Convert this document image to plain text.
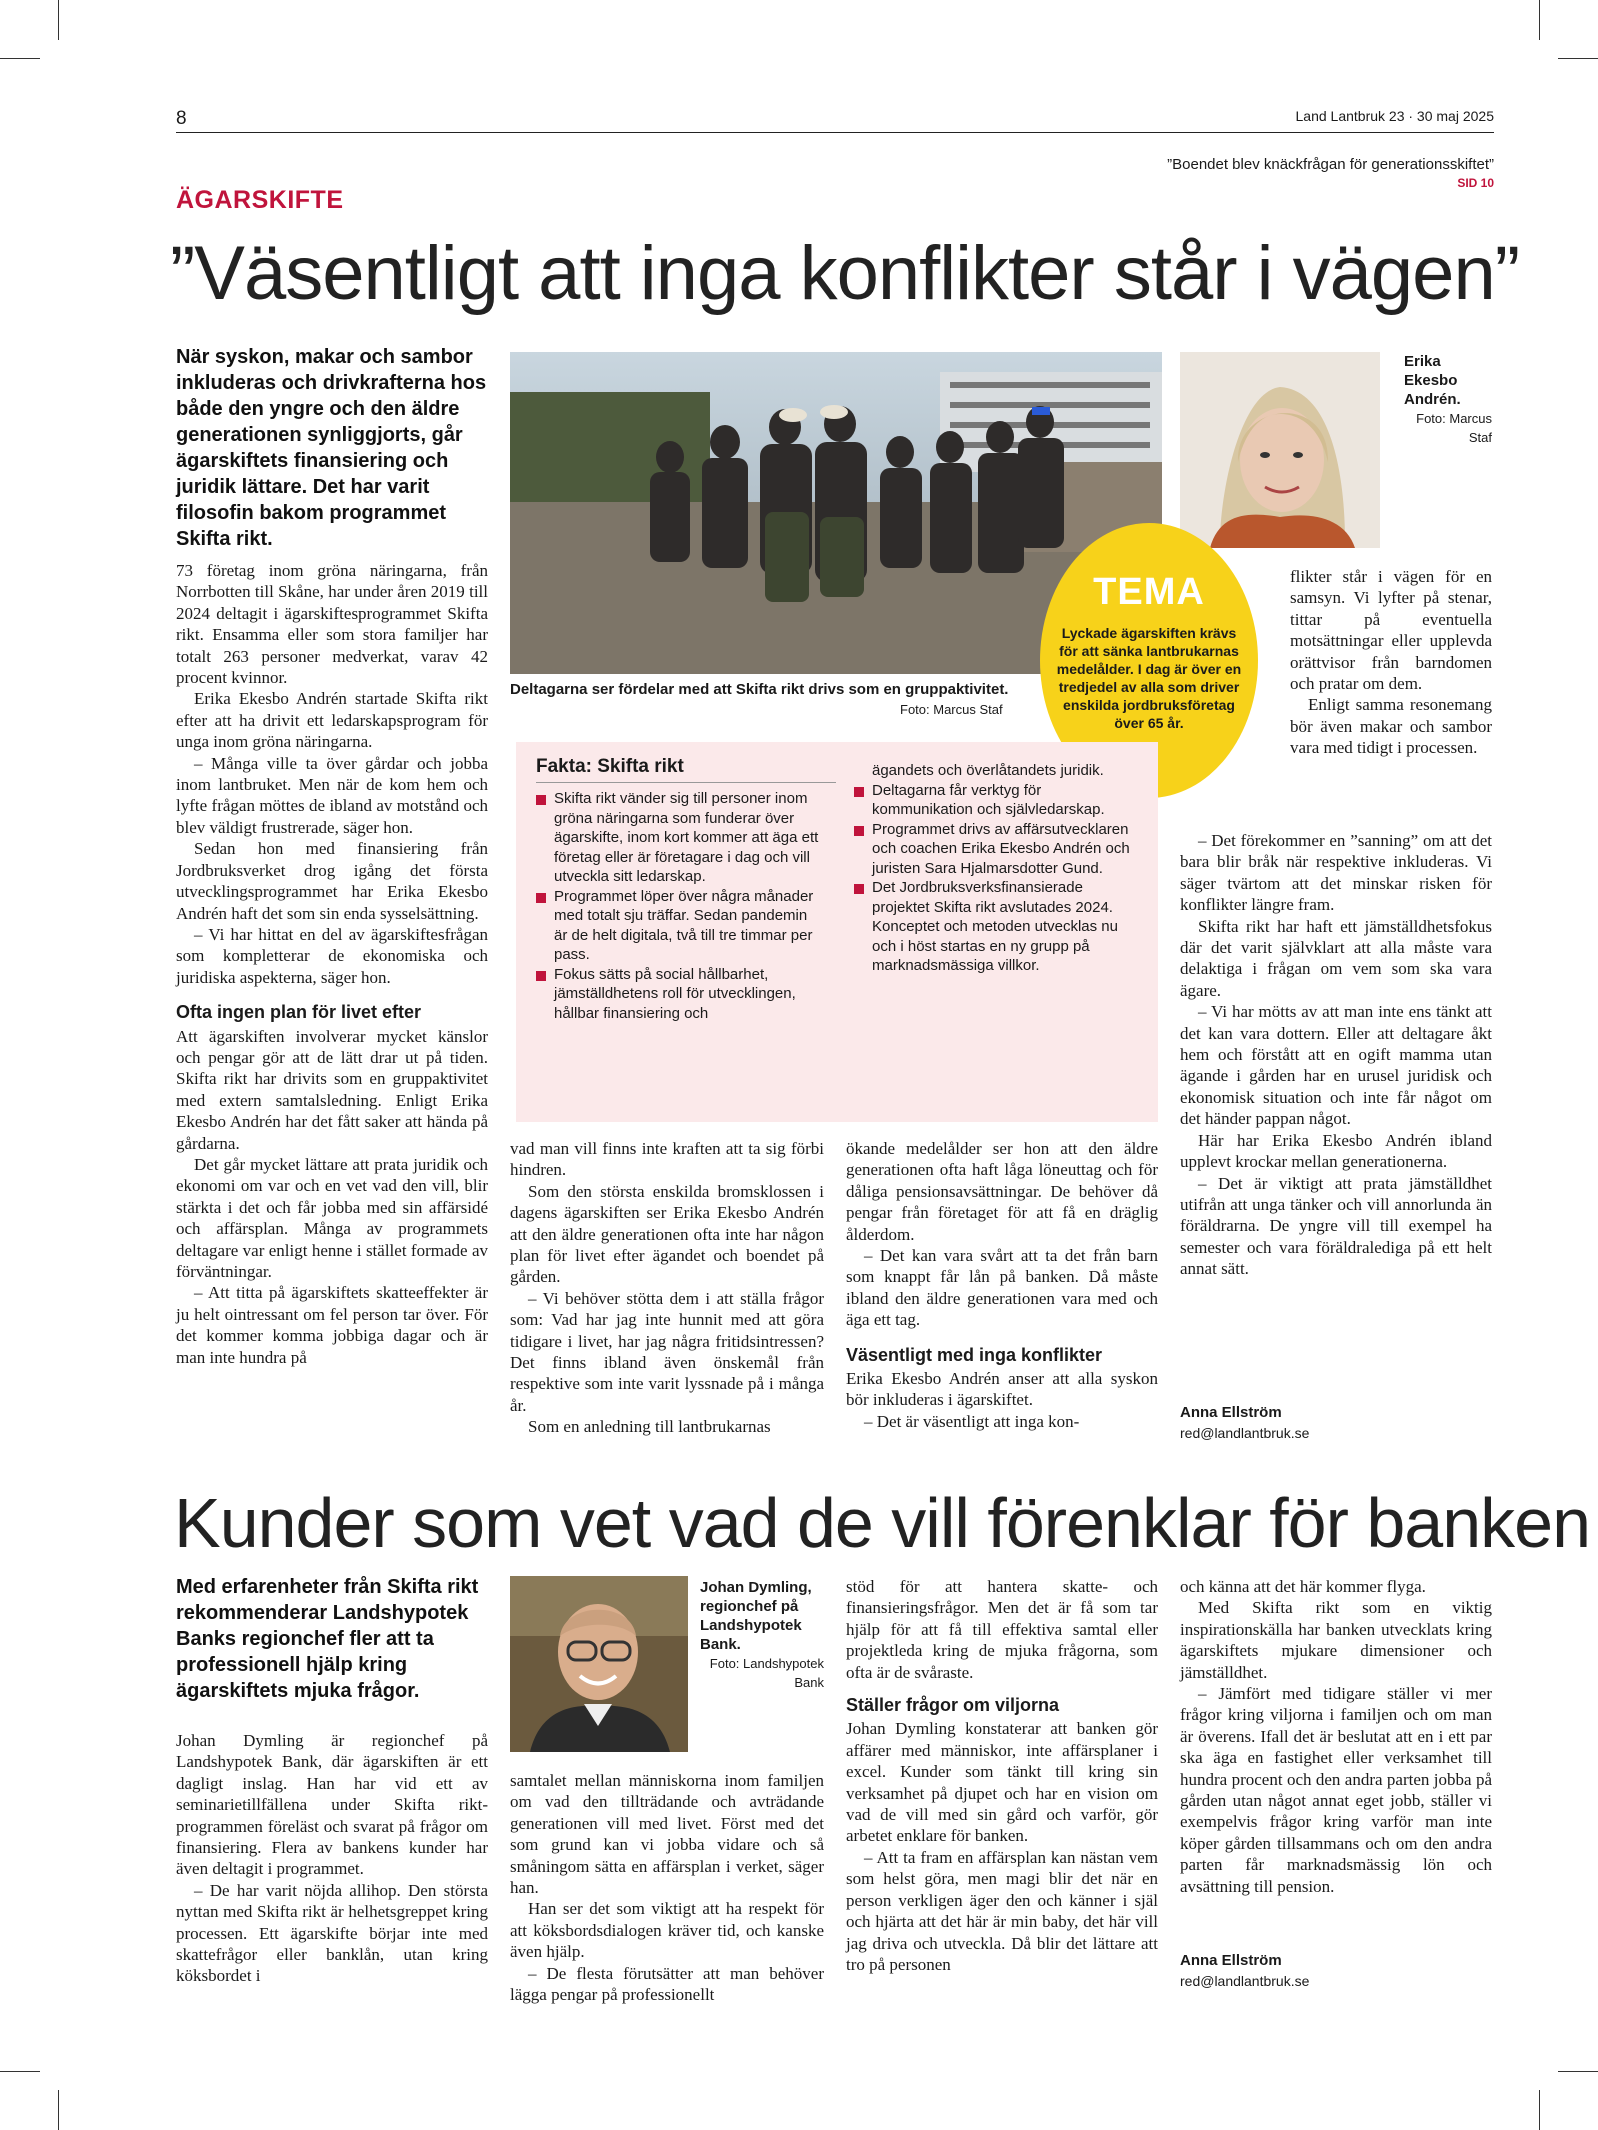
8	Land Lantbruk 23 · 30 maj 2025
”Boendet blev knäckfrågan för generationsskiftet”
SID 10
ÄGARSKIFTE
”Väsentligt att inga konflikter står i vägen”
När syskon, makar och sambor inkluderas och drivkrafterna hos både den yngre och den äldre generationen synliggjorts, går ägarskiftets finansiering och juridik lättare. Det har varit filosofin bakom programmet Skifta rikt.

73 företag inom gröna näringarna, från Norrbotten till Skåne, har under åren 2019 till 2024 deltagit i ägarskiftesprogrammet Skifta rikt. Ensamma eller som stora familjer har totalt 263 personer medverkat, varav 42 procent kvinnor.

Erika Ekesbo Andrén startade Skifta rikt efter att ha drivit ett ledarskapsprogram för unga inom gröna näringarna.

– Många ville ta över gårdar och jobba inom lantbruket. Men när de kom hem och lyfte frågan möttes de ibland av motstånd och blev väldigt frustrerade, säger hon.

Sedan hon med finansiering från Jordbruksverket drog igång det första utvecklingsprogrammet har Erika Ekesbo Andrén haft det som sin enda sysselsättning.

– Vi har hittat en del av ägarskiftesfrågan som kompletterar de ekonomiska och juridiska aspekterna, säger hon.

Ofta ingen plan för livet efter

Att ägarskiften involverar mycket känslor och pengar gör att de lätt drar ut på tiden. Skifta rikt har drivits som en gruppaktivitet med extern samtalsledning. Enligt Erika Ekesbo Andrén har det fått saker att hända på gårdarna.

Det går mycket lättare att prata juridik och ekonomi om var och en vet vad den vill, blir stärkta i det och får jobba med sin affärsidé och affärsplan. Många av programmets deltagare var enligt henne i stället formade av förväntningar.

– Att titta på ägarskiftets skatteeffekter är ju helt ointressant om fel person tar över. För det kommer komma jobbiga dagar och är man inte hundra på

Deltagarna ser fördelar med att Skifta rikt drivs som en gruppaktivitet.
Foto: Marcus Staf
Erika Ekesbo Andrén.
Foto: Marcus Staf
TEMA
Lyckade ägarskiften krävs för att sänka lantbrukarnas medelålder. I dag är över en tredjedel av alla som driver enskilda jordbruksföretag över 65 år.
Fakta: Skifta rikt
Skifta rikt vänder sig till personer inom gröna näringarna som funderar över ägarskifte, inom kort kommer att äga ett företag eller är företagare i dag och vill utveckla sitt ledarskap.
Programmet löper över några månader med totalt sju träffar. Sedan pandemin är de helt digitala, två till tre timmar per pass.
Fokus sätts på social hållbarhet, jämställdhetens roll för utvecklingen, hållbar finansiering och
ägandets och överlåtandets juridik.
Deltagarna får verktyg för kommunikation och självledarskap.
Programmet drivs av affärsutvecklaren och coachen Erika Ekesbo Andrén och juristen Sara Hjalmarsdotter Gund.
Det Jordbruksverksfinansierade projektet Skifta rikt avslutades 2024. Konceptet och metoden utvecklas nu och i höst startas en ny grupp på marknadsmässiga villkor.

flikter står i vägen för en samsyn. Vi lyfter på stenar, tittar på eventuella motsättningar eller upplevda orättvisor från barndomen och pratar om dem.

Enligt samma resonemang bör även makar och sambor vara med tidigt i processen.

vad man vill finns inte kraften att ta sig förbi hindren.

Som den största enskilda bromsklossen i dagens ägarskiften ser Erika Ekesbo Andrén att den äldre generationen ofta inte har någon plan för livet efter ägandet och boendet på gården.

– Vi behöver stötta dem i att ställa frågor som: Vad har jag inte hunnit med att göra tidigare i livet, har jag några fritidsintressen? Det finns ibland även önskemål från respektive som inte varit lyssnade på i många år.

Som en anledning till lantbrukarnas

ökande medelålder ser hon att den äldre generationen ofta haft låga löneuttag och för dåliga pensionsavsättningar. De behöver då pengar från företaget för att få en dräglig ålderdom.

– Det kan vara svårt att ta det från barn som knappt får lån på banken. Då måste ibland den äldre generationen vara med och äga ett tag.

Väsentligt med inga konflikter

Erika Ekesbo Andrén anser att alla syskon bör inkluderas i ägarskiftet.

– Det är väsentligt att inga kon-

– Det förekommer en ”sanning” om att det bara blir bråk när respektive inkluderas. Vi säger tvärtom att det minskar risken för konflikter längre fram.

Skifta rikt har haft ett jämställdhetsfokus där det varit självklart att alla måste vara delaktiga i frågan om vem som ska vara ägare.

– Vi har mötts av att man inte ens tänkt att det kan vara dottern. Eller att deltagare åkt hem och förstått att en ogift mamma utan ägande i gården har en urusel juridisk och ekonomisk situation och inte får något om det händer pappan något.

Här har Erika Ekesbo Andrén ibland upplevt krockar mellan generationerna.

– Det är viktigt att prata jämställdhet utifrån att unga tänker och vill annorlunda än föräldrarna. De yngre vill till exempel ha semester och vara föräldralediga på ett helt annat sätt.

Anna Ellström
red@landlantbruk.se
Kunder som vet vad de vill förenklar för banken
Med erfarenheter från Skifta rikt rekommenderar Landshypotek Banks regionchef fler att ta professionell hjälp kring ägarskiftets mjuka frågor.

Johan Dymling är regionchef på Landshypotek Bank, där ägarskiften är ett dagligt inslag. Han har vid ett av seminarietillfällena under Skifta rikt-programmen föreläst och svarat på frågor om finansiering. Flera av bankens kunder har även deltagit i programmet.

– De har varit nöjda allihop. Den största nyttan med Skifta rikt är helhetsgreppet kring processen. Ett ägarskifte börjar inte med skattefrågor eller banklån, utan kring köksbordet i

Johan Dymling, regionchef på Landshypotek Bank.
Foto: Landshypotek Bank

samtalet mellan människorna inom familjen om vad den tillträdande och avträdande generationen vill med livet. Först med det som grund kan vi jobba vidare och så småningom sätta en affärsplan i verket, säger han.

Han ser det som viktigt att ha respekt för att köksbordsdialogen kräver tid, och kanske även hjälp.

– De flesta förutsätter att man behöver lägga pengar på professionellt

stöd för att hantera skatte- och finansieringsfrågor. Men det är få som tar hjälp för att få till effektiva samtal eller projektleda kring de mjuka frågorna, som ofta är de svåraste.

Ställer frågor om viljorna

Johan Dymling konstaterar att banken gör affärer med människor, inte affärsplaner i excel. Kunder som tänkt till kring sin verksamhet på djupet och har en vision om vad de vill med sin gård och varför, gör arbetet enklare för banken.

– Att ta fram en affärsplan kan nästan vem som helst göra, men magi blir det när en person verkligen äger den och känner i själ och hjärta att det här är min baby, det här vill jag driva och utveckla. Då blir det lättare att tro på personen

och känna att det här kommer flyga.

Med Skifta rikt som en viktig inspirationskälla har banken utvecklats kring ägarskiftets mjukare dimensioner och jämställdhet.

– Jämfört med tidigare ställer vi mer frågor kring viljorna i familjen och om man är överens. Ifall det är beslutat att en i ett par ska äga en fastighet eller verksamhet till hundra procent och den andra parten jobba på gården utan något annat eget jobb, ställer vi exempelvis frågor kring varför man inte köper gården tillsammans och om den andra parten får marknadsmässig lön och avsättning till pension.

Anna Ellström
red@landlantbruk.se
